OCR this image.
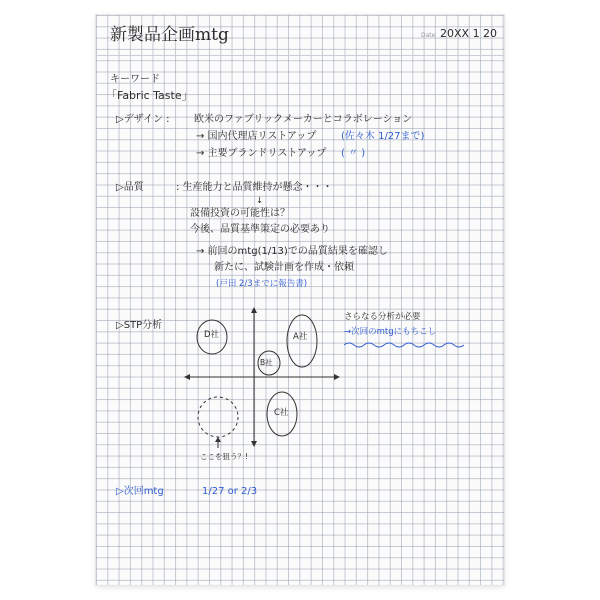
新製品企画mtg	Date 20XX 1 20
キーワード
「Fabric Taste」
▷デザイン : 欧米のファブリックメーカーとコラボレーション
→ 国内代理店リストアップ (佐々木 1/27まで)
→ 主要ブランドリストアップ ( 〃 )
▷品質	: 生産能力と品質維持が懸念・・・
↓
設備投資の可能性は？
今後、品質基準策定の必要あり
→ 前回のmtg(1/13)での品質結果を確認し
新たに、試験計画を作成・依頼
(戸田 2/3までに報告書)
▷STP分析
さらなる分析が必要
→次回のmtgにもちこし
D社	A社
B社
C社
ここを狙う？!
▷次回mtg	1/27 or 2/3
